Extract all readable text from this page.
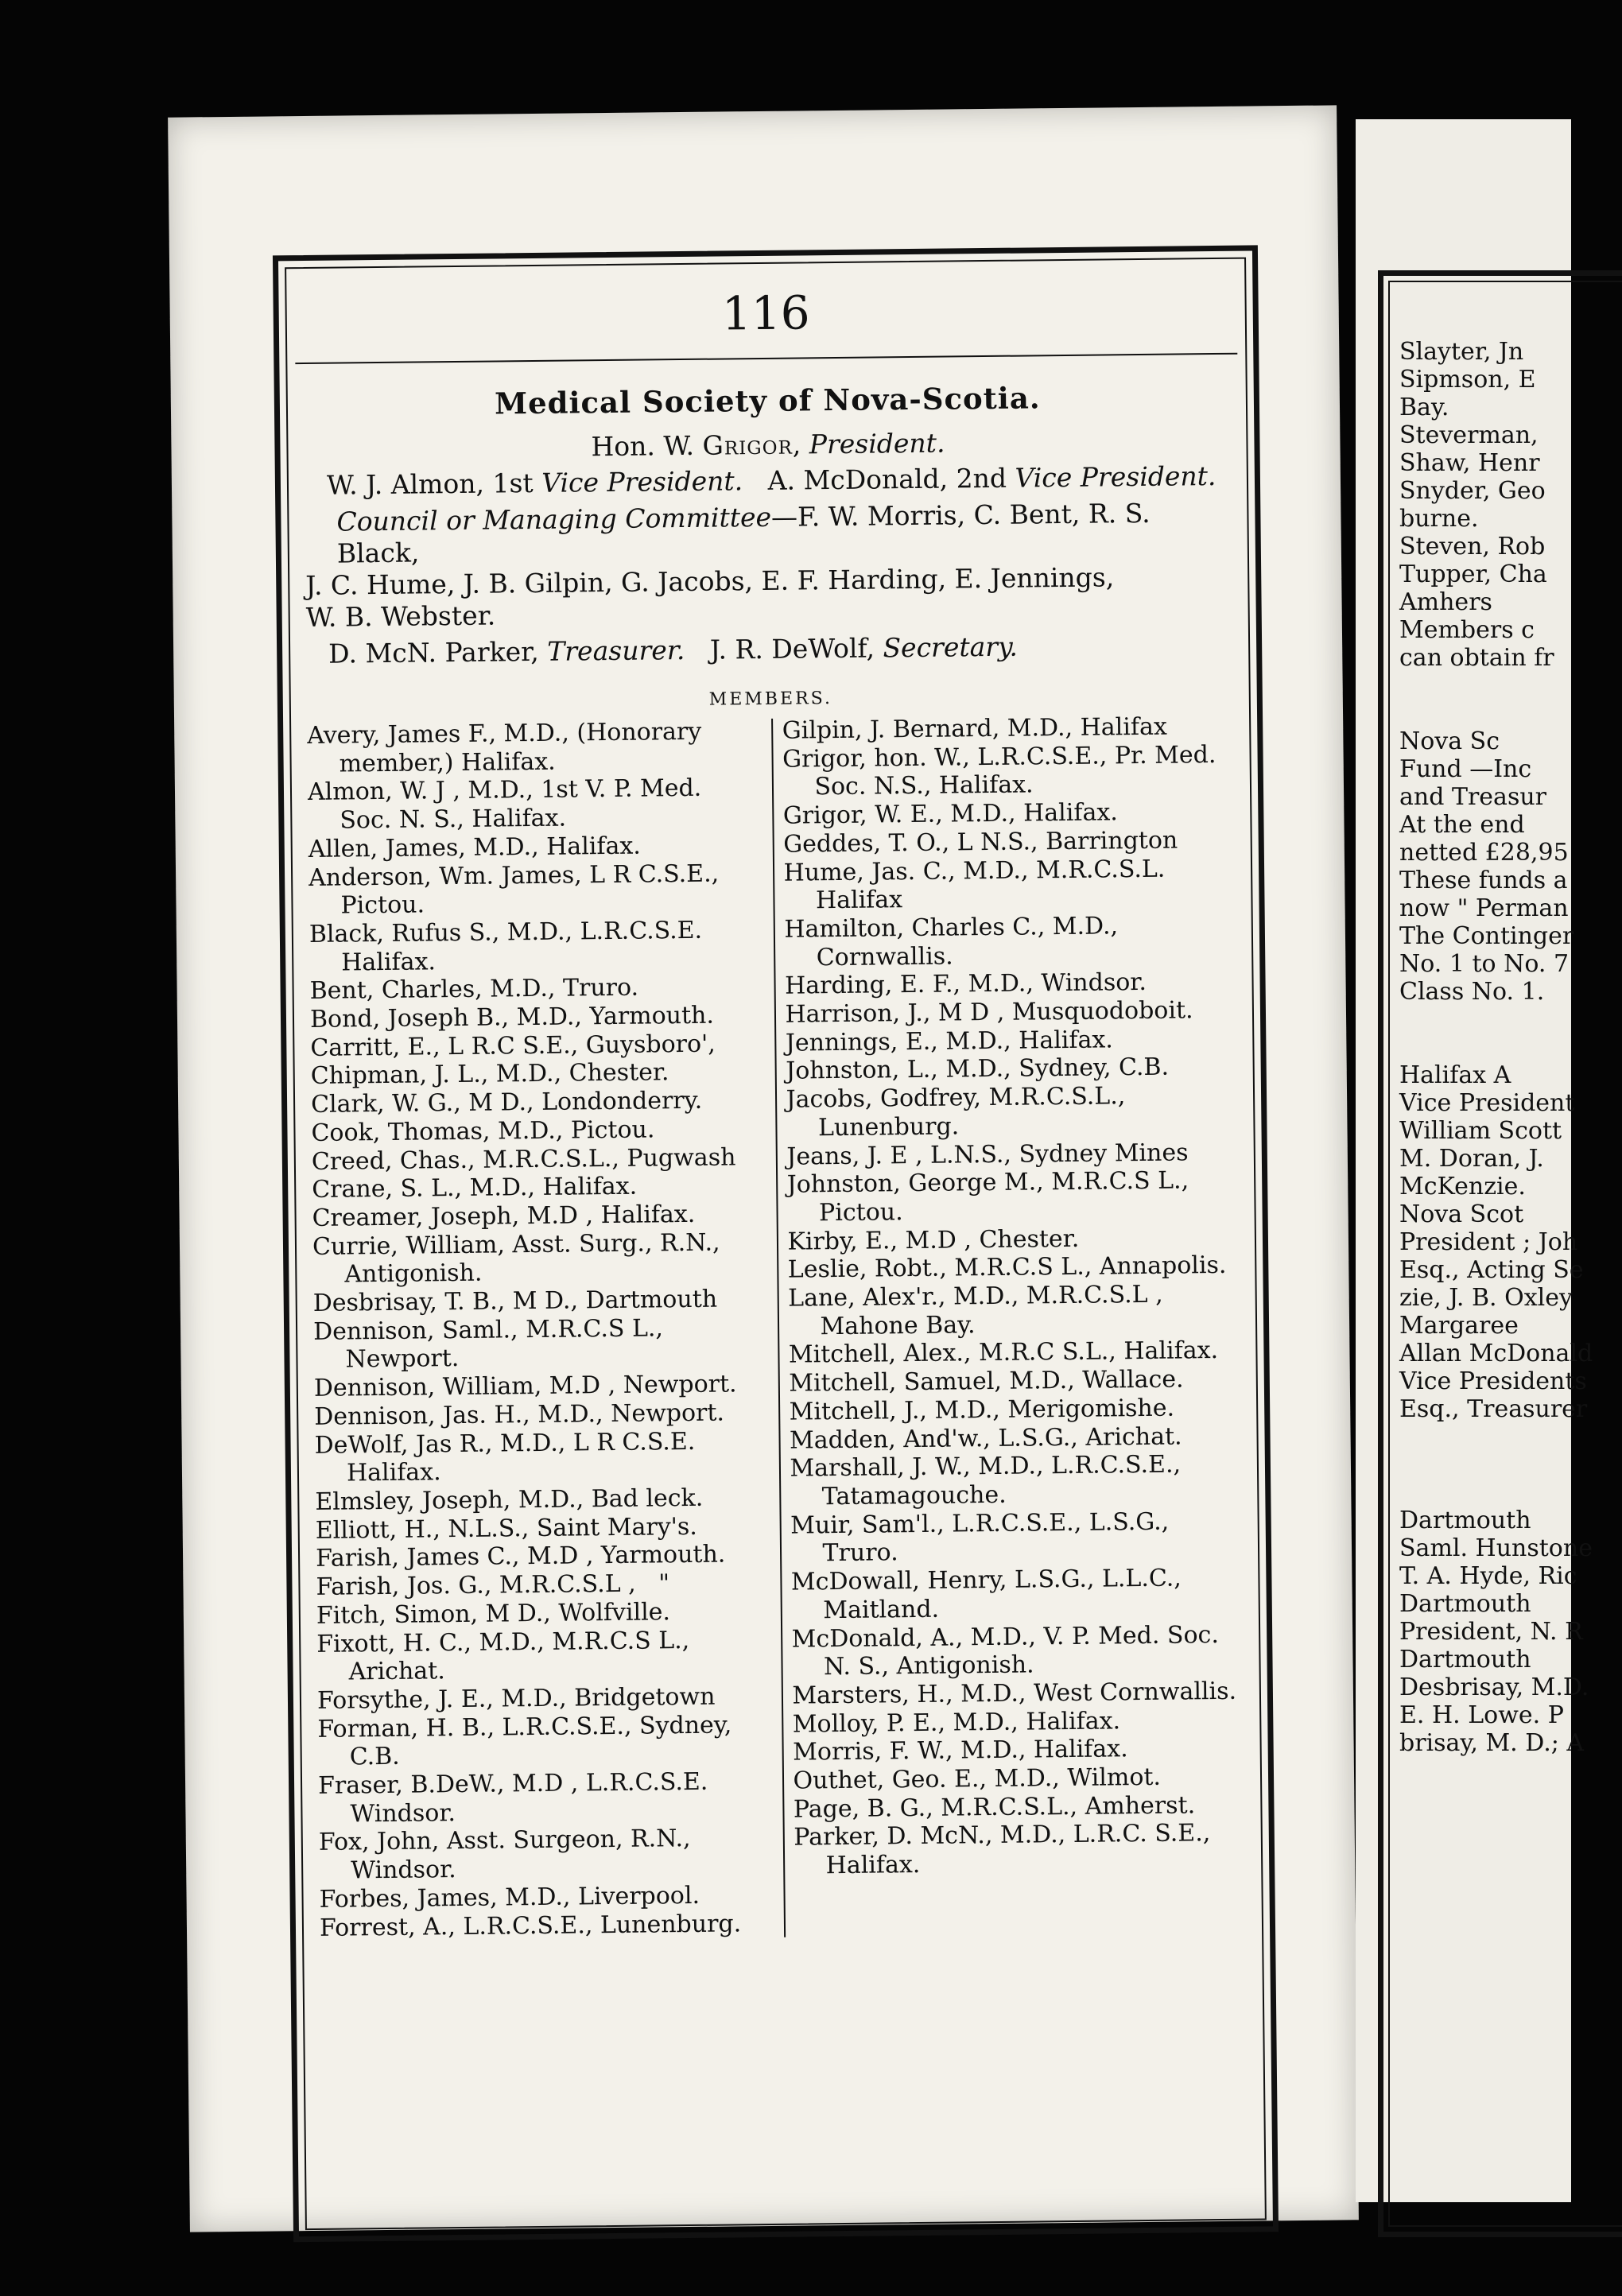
116
Medical Society of Nova-Scotia.
Hon. W. Grigor, President.
W. J. Almon, 1st Vice President. A. McDonald, 2nd Vice President.
Council or Managing Committee—F. W. Morris, C. Bent, R. S. Black,
J. C. Hume, J. B. Gilpin, G. Jacobs, E. F. Harding, E. Jennings,
W. B. Webster.
D. McN. Parker, Treasurer. J. R. DeWolf, Secretary.
MEMBERS.
Avery, James F., M.D., (Honorary member,) Halifax.
Almon, W. J , M.D., 1st V. P. Med. Soc. N. S., Halifax.
Allen, James, M.D., Halifax.
Anderson, Wm. James, L R C.S.E., Pictou.
Black, Rufus S., M.D., L.R.C.S.E. Halifax.
Bent, Charles, M.D., Truro.
Bond, Joseph B., M.D., Yarmouth.
Carritt, E., L R.C S.E., Guysboro',
Chipman, J. L., M.D., Chester.
Clark, W. G., M D., Londonderry.
Cook, Thomas, M.D., Pictou.
Creed, Chas., M.R.C.S.L., Pugwash
Crane, S. L., M.D., Halifax.
Creamer, Joseph, M.D , Halifax.
Currie, William, Asst. Surg., R.N., Antigonish.
Desbrisay, T. B., M D., Dartmouth
Dennison, Saml., M.R.C.S L., Newport.
Dennison, William, M.D , Newport.
Dennison, Jas. H., M.D., Newport.
DeWolf, Jas R., M.D., L R C.S.E. Halifax.
Elmsley, Joseph, M.D., Bad leck.
Elliott, H., N.L.S., Saint Mary's.
Farish, James C., M.D , Yarmouth.
Farish, Jos. G., M.R.C.S.L ,   "
Fitch, Simon, M D., Wolfville.
Fixott, H. C., M.D., M.R.C.S L., Arichat.
Forsythe, J. E., M.D., Bridgetown
Forman, H. B., L.R.C.S.E., Sydney, C.B.
Fraser, B.DeW., M.D , L.R.C.S.E. Windsor.
Fox, John, Asst. Surgeon, R.N., Windsor.
Forbes, James, M.D., Liverpool.
Forrest, A., L.R.C.S.E., Lunenburg.
Gilpin, J. Bernard, M.D., Halifax
Grigor, hon. W., L.R.C.S.E., Pr. Med. Soc. N.S., Halifax.
Grigor, W. E., M.D., Halifax.
Geddes, T. O., L N.S., Barrington
Hume, Jas. C., M.D., M.R.C.S.L. Halifax
Hamilton, Charles C., M.D., Cornwallis.
Harding, E. F., M.D., Windsor.
Harrison, J., M D , Musquodoboit.
Jennings, E., M.D., Halifax.
Johnston, L., M.D., Sydney, C.B.
Jacobs, Godfrey, M.R.C.S.L., Lunenburg.
Jeans, J. E , L.N.S., Sydney Mines
Johnston, George M., M.R.C.S L., Pictou.
Kirby, E., M.D , Chester.
Leslie, Robt., M.R.C.S L., Annapolis.
Lane, Alex'r., M.D., M.R.C.S.L , Mahone Bay.
Mitchell, Alex., M.R.C S.L., Halifax.
Mitchell, Samuel, M.D., Wallace.
Mitchell, J., M.D., Merigomishe.
Madden, And'w., L.S.G., Arichat.
Marshall, J. W., M.D., L.R.C.S.E., Tatamagouche.
Muir, Sam'l., L.R.C.S.E., L.S.G., Truro.
McDowall, Henry, L.S.G., L.L.C., Maitland.
McDonald, A., M.D., V. P. Med. Soc. N. S., Antigonish.
Marsters, H., M.D., West Cornwallis.
Molloy, P. E., M.D., Halifax.
Morris, F. W., M.D., Halifax.
Outhet, Geo. E., M.D., Wilmot.
Page, B. G., M.R.C.S.L., Amherst.
Parker, D. McN., M.D., L.R.C. S.E., Halifax.
Slayter, Jn
Sipmson, E
Bay.
Steverman,
Shaw, Henr
Snyder, Geo
burne.
Steven, Rob
Tupper, Cha
Amhers
Members c
can obtain fr

Nova Sc
Fund —Inc
and Treasur
At the end
netted £28,95
These funds a
now " Perman
The Continger
No. 1 to No. 7
Class No. 1.

Halifax A
Vice President
William Scott
M. Doran, J.
McKenzie.
Nova Scot
President ; Joh
Esq., Acting Se
zie, J. B. Oxley
Margaree
Allan McDonald
Vice Presidents
Esq., Treasurer

Dartmouth
Saml. Hunstone
T. A. Hyde, Ric
Dartmouth
President, N. R
Dartmouth
Desbrisay, M.D.
E. H. Lowe. P
brisay, M. D.; A
